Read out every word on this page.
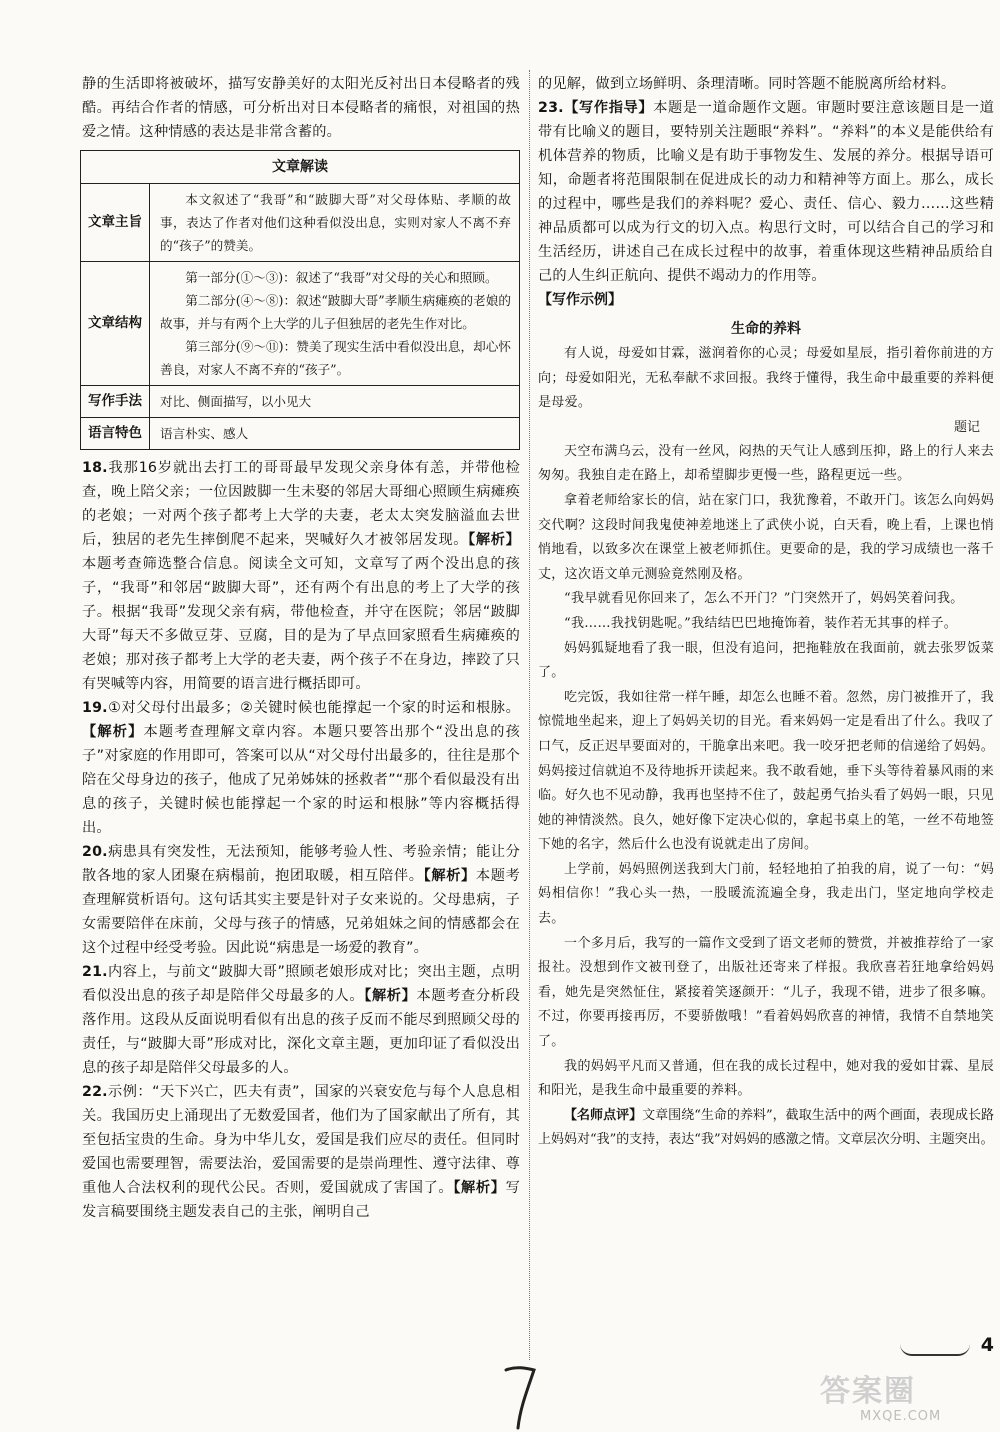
静的生活即将被破坏，描写安静美好的太阳光反衬出日本侵略者的残酷。再结合作者的情感，可分析出对日本侵略者的痛恨，对祖国的热爱之情。这种情感的表达是非常含蓄的。

文章解读	
文章主旨	本文叙述了“我哥”和“跛脚大哥”对父母体贴、孝顺的故事，表达了作者对他们这种看似没出息，实则对家人不离不弃的“孩子”的赞美。

文章结构	第一部分(①～③)：叙述了“我哥”对父母的关心和照顾。

第二部分(④～⑧)：叙述“跛脚大哥”孝顺生病瘫痪的老娘的故事，并与有两个上大学的儿子但独居的老先生作对比。

第三部分(⑨～⑪)：赞美了现实生活中看似没出息，却心怀善良，对家人不离不弃的“孩子”。

写作手法	对比、侧面描写，以小见大

语言特色	语言朴实、感人

18.我那16岁就出去打工的哥哥最早发现父亲身体有恙，并带他检查，晚上陪父亲；一位因跛脚一生未娶的邻居大哥细心照顾生病瘫痪的老娘；一对两个孩子都考上大学的夫妻，老太太突发脑溢血去世后，独居的老先生摔倒爬不起来，哭喊好久才被邻居发现。【解析】本题考查筛选整合信息。阅读全文可知，文章写了两个没出息的孩子，“我哥”和邻居“跛脚大哥”，还有两个有出息的考上了大学的孩子。根据“我哥”发现父亲有病，带他检查，并守在医院；邻居“跛脚大哥”每天不多做豆芽、豆腐，目的是为了早点回家照看生病瘫痪的老娘；那对孩子都考上大学的老夫妻，两个孩子不在身边，摔跤了只有哭喊等内容，用简要的语言进行概括即可。

19.①对父母付出最多；②关键时候也能撑起一个家的时运和根脉。【解析】本题考查理解文章内容。本题只要答出那个“没出息的孩子”对家庭的作用即可，答案可以从“对父母付出最多的，往往是那个陪在父母身边的孩子，他成了兄弟姊妹的拯救者”“那个看似最没有出息的孩子，关键时候也能撑起一个家的时运和根脉”等内容概括得出。

20.病患具有突发性，无法预知，能够考验人性、考验亲情；能让分散各地的家人团聚在病榻前，抱团取暖，相互陪伴。【解析】本题考查理解赏析语句。这句话其实主要是针对子女来说的。父母患病，子女需要陪伴在床前，父母与孩子的情感，兄弟姐妹之间的情感都会在这个过程中经受考验。因此说“病患是一场爱的教育”。

21.内容上，与前文“跛脚大哥”照顾老娘形成对比；突出主题，点明看似没出息的孩子却是陪伴父母最多的人。【解析】本题考查分析段落作用。这段从反面说明看似有出息的孩子反而不能尽到照顾父母的责任，与“跛脚大哥”形成对比，深化文章主题，更加印证了看似没出息的孩子却是陪伴父母最多的人。

22.示例：“天下兴亡，匹夫有责”，国家的兴衰安危与每个人息息相关。我国历史上涌现出了无数爱国者，他们为了国家献出了所有，其至包括宝贵的生命。身为中华儿女，爱国是我们应尽的责任。但同时爱国也需要理智，需要法治，爱国需要的是崇尚理性、遵守法律、尊重他人合法权利的现代公民。否则，爱国就成了害国了。【解析】写发言稿要围绕主题发表自己的主张，阐明自己

的见解，做到立场鲜明、条理清晰。同时答题不能脱离所给材料。

23.【写作指导】本题是一道命题作文题。审题时要注意该题目是一道带有比喻义的题目，要特别关注题眼“养料”。“养料”的本义是能供给有机体营养的物质，比喻义是有助于事物发生、发展的养分。根据导语可知，命题者将范围限制在促进成长的动力和精神等方面上。那么，成长的过程中，哪些是我们的养料呢？爱心、责任、信心、毅力……这些精神品质都可以成为行文的切入点。构思行文时，可以结合自己的学习和生活经历，讲述自己在成长过程中的故事，着重体现这些精神品质给自己的人生纠正航向、提供不竭动力的作用等。

【写作示例】

生命的养料

有人说，母爱如甘霖，滋润着你的心灵；母爱如星辰，指引着你前进的方向；母爱如阳光，无私奉献不求回报。我终于懂得，我生命中最重要的养料便是母爱。

题记

天空布满乌云，没有一丝风，闷热的天气让人感到压抑，路上的行人来去匆匆。我独自走在路上，却希望脚步更慢一些，路程更远一些。

拿着老师给家长的信，站在家门口，我犹豫着，不敢开门。该怎么向妈妈交代啊？这段时间我鬼使神差地迷上了武侠小说，白天看，晚上看，上课也悄悄地看，以致多次在课堂上被老师抓住。更要命的是，我的学习成绩也一落千丈，这次语文单元测验竟然刚及格。

“我早就看见你回来了，怎么不开门？”门突然开了，妈妈笑着问我。

“我……我找钥匙呢。”我结结巴巴地掩饰着，装作若无其事的样子。

妈妈狐疑地看了我一眼，但没有追问，把拖鞋放在我面前，就去张罗饭菜了。

吃完饭，我如往常一样午睡，却怎么也睡不着。忽然，房门被推开了，我惊慌地坐起来，迎上了妈妈关切的目光。看来妈妈一定是看出了什么。我叹了口气，反正迟早要面对的，干脆拿出来吧。我一咬牙把老师的信递给了妈妈。妈妈接过信就迫不及待地拆开读起来。我不敢看她，垂下头等待着暴风雨的来临。好久也不见动静，我再也坚持不住了，鼓起勇气抬头看了妈妈一眼，只见她的神情淡然。良久，她好像下定决心似的，拿起书桌上的笔，一丝不苟地签下她的名字，然后什么也没有说就走出了房间。

上学前，妈妈照例送我到大门前，轻轻地拍了拍我的肩，说了一句：“妈妈相信你！”我心头一热，一股暖流流遍全身，我走出门，坚定地向学校走去。

一个多月后，我写的一篇作文受到了语文老师的赞赏，并被推荐给了一家报社。没想到作文被刊登了，出版社还寄来了样报。我欣喜若狂地拿给妈妈看，她先是突然怔住，紧接着笑逐颜开：“儿子，我现不错，进步了很多嘛。不过，你要再接再厉，不要骄傲哦！”看着妈妈欣喜的神情，我情不自禁地笑了。

我的妈妈平凡而又普通，但在我的成长过程中，她对我的爱如甘霖、星辰和阳光，是我生命中最重要的养料。

【名师点评】文章围绕“生命的养料”，截取生活中的两个画面，表现成长路上妈妈对“我”的支持，表达“我”对妈妈的感激之情。文章层次分明、主题突出。

4
答案圈
MXQE.COM
